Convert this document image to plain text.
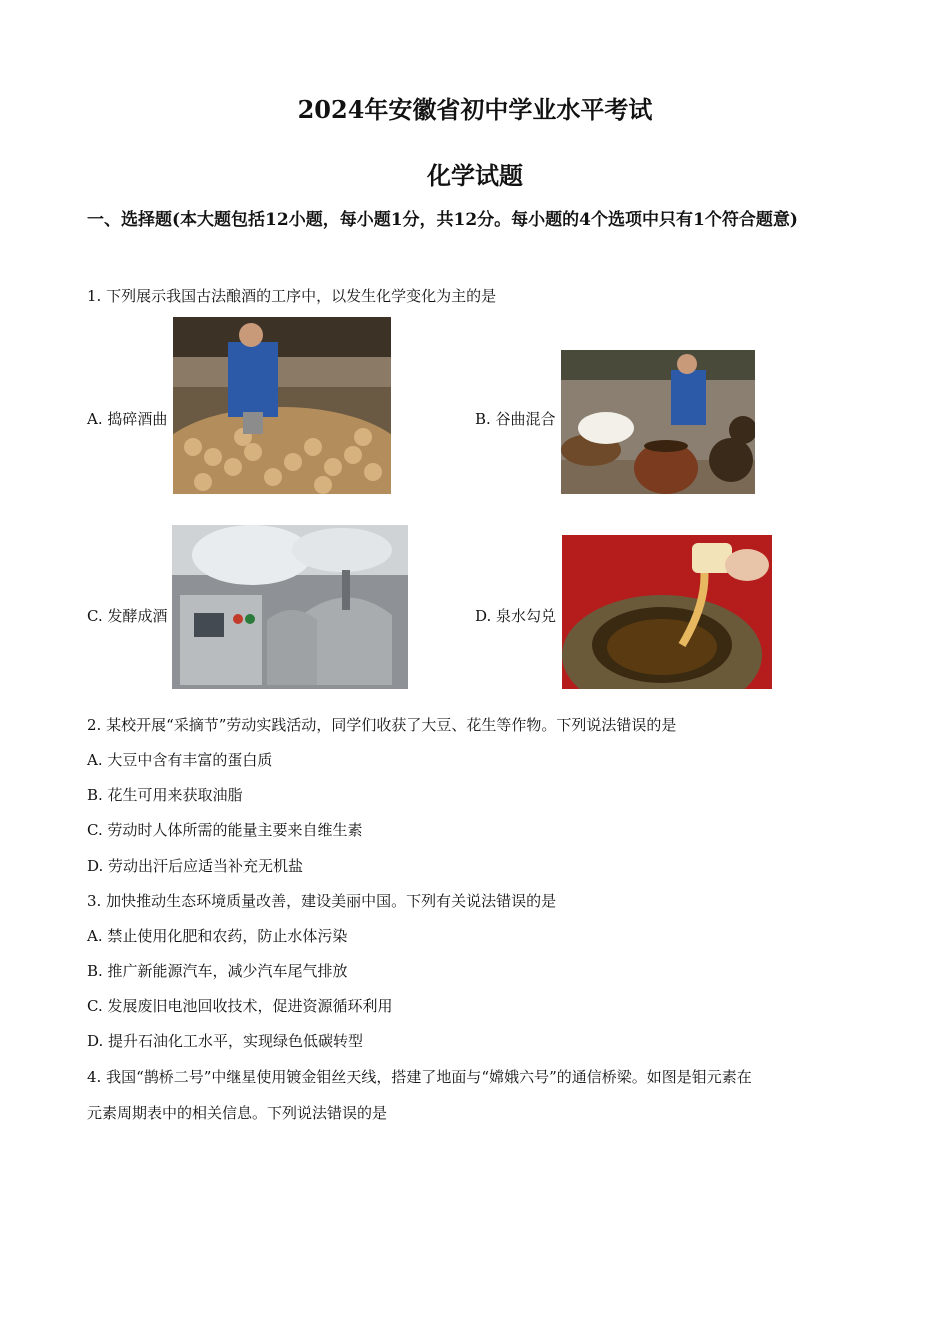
2024年安徽省初中学业水平考试
化学试题

一、选择题(本大题包括12小题，每小题1分，共12分。每小题的4个选项中只有1个符合题意)

1. 下列展示我国古法酿酒的工序中，以发生化学变化为主的是

A. 捣碎酒曲	B. 谷曲混合
C. 发酵成酒	D. 泉水勾兑

2. 某校开展“采摘节”劳动实践活动，同学们收获了大豆、花生等作物。下列说法错误的是

A. 大豆中含有丰富的蛋白质

B. 花生可用来获取油脂

C. 劳动时人体所需的能量主要来自维生素

D. 劳动出汗后应适当补充无机盐

3. 加快推动生态环境质量改善，建设美丽中国。下列有关说法错误的是

A. 禁止使用化肥和农药，防止水体污染

B. 推广新能源汽车，减少汽车尾气排放

C. 发展废旧电池回收技术，促进资源循环利用

D. 提升石油化工水平，实现绿色低碳转型

4. 我国“鹊桥二号”中继星使用镀金钼丝天线，搭建了地面与“嫦娥六号”的通信桥梁。如图是钼元素在

元素周期表中的相关信息。下列说法错误的是
